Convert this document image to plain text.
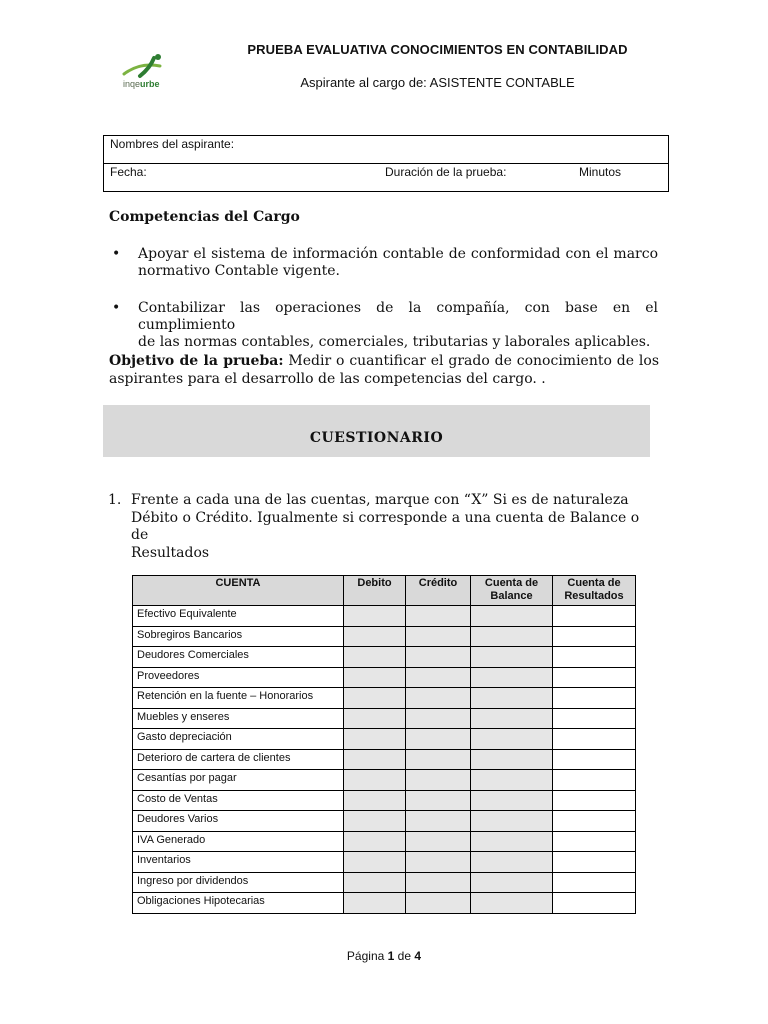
inqeurbe
PRUEBA EVALUATIVA CONOCIMIENTOS EN CONTABILIDAD
Aspirante al cargo de: ASISTENTE CONTABLE
Nombres del aspirante:
Fecha:	Duración de la prueba:	Minutos
Competencias del Cargo
• Apoyar el sistema de información contable de conformidad con el marco
normativo Contable vigente.
• Contabilizar las operaciones de la compañía, con base en el cumplimiento
de las normas contables, comerciales, tributarias y laborales aplicables.
Objetivo de la prueba: Medir o cuantificar el grado de conocimiento de los
aspirantes para el desarrollo de las competencias del cargo. .
CUESTIONARIO
1. Frente a cada una de las cuentas, marque con “X” Si es de naturaleza
Débito o Crédito. Igualmente si corresponde a una cuenta de Balance o de
Resultados
CUENTA	Debito	Crédito	Cuenta de Balance	Cuenta de Resultados
Efectivo Equivalente				
Sobregiros Bancarios				
Deudores Comerciales				
Proveedores				
Retención en la fuente – Honorarios				
Muebles y enseres				
Gasto depreciación				
Deterioro de cartera de clientes				
Cesantías por pagar				
Costo de Ventas				
Deudores Varios				
IVA Generado				
Inventarios				
Ingreso por dividendos				
Obligaciones Hipotecarias				
Página 1 de 4
